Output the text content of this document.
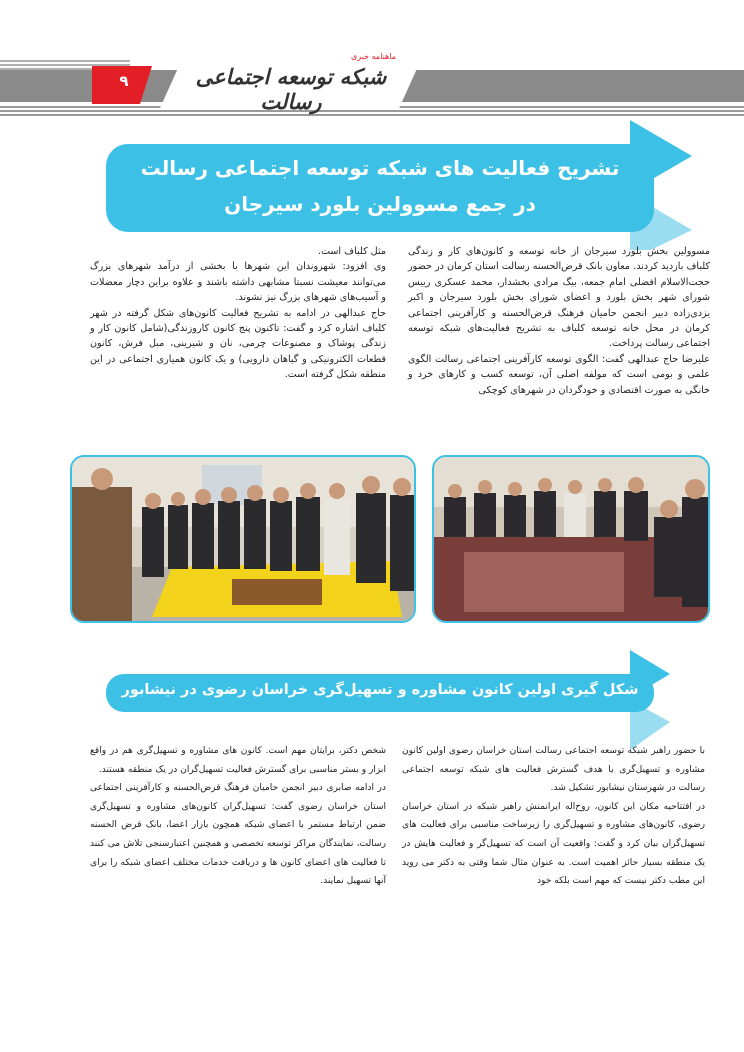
۹
ماهنامه خبری
شبکه توسعه اجتماعی رسالت
تشریح فعالیت های شبکه توسعه اجتماعی رسالت
در جمع مسوولین بلورد سیرجان

مسوولین بخش بلورد سیرجان از خانه توسعه و کانون‌های کار و زندگی کلباف بازدید کردند. معاون بانک قرض‌الحسنه رسالت استان کرمان در حضور حجت‌الاسلام افضلی امام جمعه، بیگ مرادی بخشدار، محمد عسکری رییس شورای شهر بخش بلورد و اعضای شورای بخش بلورد سیرجان و اکبر یزدی‌زاده دبیر انجمن حامیان فرهنگ قرض‌الحسنه و کارآفرینی اجتماعی کرمان در محل خانه توسعه کلباف به تشریح فعالیت‌های شبکه توسعه اجتماعی رسالت پرداخت.

علیرضا حاج عبدالهی گفت: الگوی توسعه کارآفرینی اجتماعی رسالت الگوی علمی و بومی است که مولفه اصلی آن، توسعه کسب و کارهای خرد و خانگی به صورت اقتصادی و خودگردان در شهرهای کوچکی

مثل کلباف است.

وی افزود: شهروندان این شهرها با بخشی از درآمد شهرهای بزرگ می‌توانند معیشت نسبتا مشابهی داشته باشند و علاوه براین دچار معضلات و آسیب‌های شهرهای بزرگ نیز نشوند.

حاج عبدالهی در ادامه به تشریح فعالیت کانون‌های شکل گرفته در شهر کلباف اشاره کرد و گفت: تاکنون پنج کانون کاروزندگی(شامل کانون کار و زندگی پوشاک و مصنوعات چرمی، نان و شیرینی، مبل فرش، کانون قطعات الکترونیکی و گیاهان دارویی) و یک کانون همیاری اجتماعی در این منطقه شکل گرفته است.

شکل گیری اولین کانون مشاوره و تسهیل‌گری خراسان رضوی در نیشابور

با حضور راهبر شبکه توسعه اجتماعی رسالت استان خراسان رضوی اولین کانون مشاوره و تسهیل‌گری با هدف گسترش فعالیت های شبکه توسعه اجتماعی رسالت در شهرستان نیشابور تشکیل شد.

در افتتاحیه مکان این کانون، روح‌اله ایرانمنش راهبر شبکه در استان خراسان رضوی، کانون‌های مشاوره و تسهیل‌گری را زیرساخت مناسبی برای فعالیت های تسهیل‌گران بیان کرد و گفت: واقعیت آن است که تسهیل‌گر و فعالیت هایش در یک منطقه بسیار حائز اهمیت است. به عنوان مثال شما وقتی به دکتر می روید این مطب دکتر نیست که مهم است بلکه خود

شخص دکتر، برایتان مهم است. کانون های مشاوره و تسهیل‌گری هم در واقع ابزار و بستر مناسبی برای گسترش فعالیت تسهیل‌گران در یک منطقه هستند.

در ادامه صابری دبیر انجمن حامیان فرهنگ قرض‌الحسنه و کارآفرینی اجتماعی استان خراسان رضوی گفت: تسهیل‌گران کانون‌های مشاوره و تسهیل‌گری ضمن ارتباط مستمر با اعضای شبکه همچون بازار اعضا، بانک قرض الحسنه رسالت، نمایندگان مراکز توسعه تخصصی و همچنین اعتبارسنجی تلاش می کنند تا فعالیت های اعضای کانون ها و دریافت خدمات مختلف اعضای شبکه را برای آنها تسهیل نمایند.
